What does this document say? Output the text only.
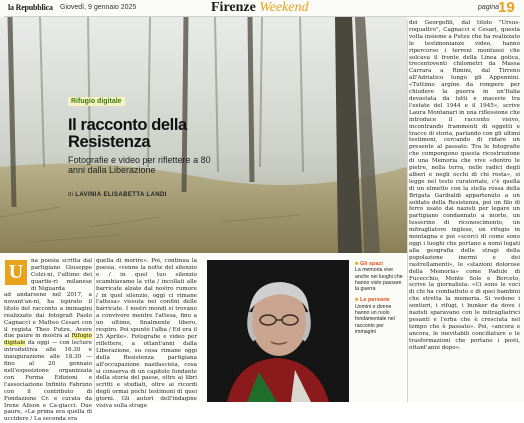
la Repubblica Giovedì, 9 gennaio 2025	Firenze Weekend	pagina
19
Rifugio digitale
Il racconto della Resistenza
Fotografie e video per riflettere a 80 anni dalla Liberazione
di LAVINIA ELISABETTA LANDI
U	na poesia scritta dal partigiano Giuseppe Colzi-ni, l'ultimo dei quartie-ri milanese di Niguarda
ad andarsene nel 2017, a novant'an-ni, ha ispirato il titolo del racconto a immagini realizzato dai fotografi Paolo Cagnacci e Matteo Cesari con il regista Theo Putzu, Avere due paure in mostra al Rifugio digitale da oggi — con lecture introduttiva alle 16.30 e inaugurazione alle 18.30 — fino al 20 gennaio nell'esposizione organizzata con Forma Edizioni e l'associazione Infinito Fabrizio con il contributo di Fondazione Cr. e curata da Irene Alison e Ca-giacci. Due paure, «La prima era quella di uccidere / La seconda era
quella di morire». Poi, continua la poesia, «venne la notte del silenzio e / in quel tuo silenzio scambiavamo la vita / incollati alle barricate alzate dal nostro rumore / in quel silenzio, oggi ci rimane l'attesa» vissuta nei confini delle barricate. I nostri mondi si trovano a convivere mentre l'attesa, fino a un ultimo, finalmente libero, respiro. Poi spuntò l'alba / Ed era il 25 Aprile». Fotografie e video per riflettere, a ottant'anni dalla Liberazione, su cosa rimane oggi della Resistenza partigiana all'occupazione nazifascista, cosa si conserva di un capitolo fondante della storia del paese, oltre ai libri scritti e studiati, oltre ai ricordi degli ormai pochi testimoni di quei giorni. Gli autori dell'indagine visiva sulla strage

■ Gli spazi
La memoria vive anche nei luoghi che hanno visto passare la guerra

■ Le persone
Uomini e donne hanno un ruolo fondamentale nel racconto per immagini

dei Georgofili, dal titolo "Ursus-roquattro", Cagnacci e Cesari, questa volta insieme a Putzu che ha realizzato le testimonianze video, hanno ripercorso i terreni montuosi che solcava il fronte della Linea gotica, trecentoventi chilometri da Massa Carrara a Rimini, dal Tirreno all'Adriatico lungo gli Appennini. «Tuttimo argine da rompere per chiudere la guerra in un'Italia devastata da lutti e macerie tra l'estate del 1944 e il 1945», scrive Laura Montanari in una riflessione che introduce il racconto visivo, incontrando frammenti di oggetti e tracce di storia, parlando con gli ultimi testimoni, cercando di ridare un presente al passato. Tra le fotografie che compongono questa ricostruzione di una Memoria che vive «dentro le pietre, nella terra, nelle radici degli alberi e negli occhi di chi resta», si legge nel testo curatoriale, c'è quella di un elmetto con la stella rossa della Brigata Garibaldi appartenuto a un soldato della Resistenza, poi un filo di ferro usato dai nazisti per legare un partigiano condannato a morte, un tesserino di riconoscimento, un mitragliatore inglese, un rifugio in montagna e poi «scorci di come sono oggi i luoghi che portano a nomi legati alla geografia delle stragi della popolazione inermi e dei rastrellamenti», le «stazioni dolorose della Memoria» come Padule di Fucecchio, Monte Sole e Berceto, scrive la giornalista: «Ci sono le voci di chi ha combattuto e di quei bambini che stretta la memoria. Si vedono i sentieri, i rifugi, i bunker da dove i nazisti sparavano con le mitragliatrici pesanti e l'erba che è cresciuta nel tempo che è passato». Poi, «ancora e ancora, le inevitabili conciliature e le trasformazioni che portano i posti, ottant'anni dopo».
